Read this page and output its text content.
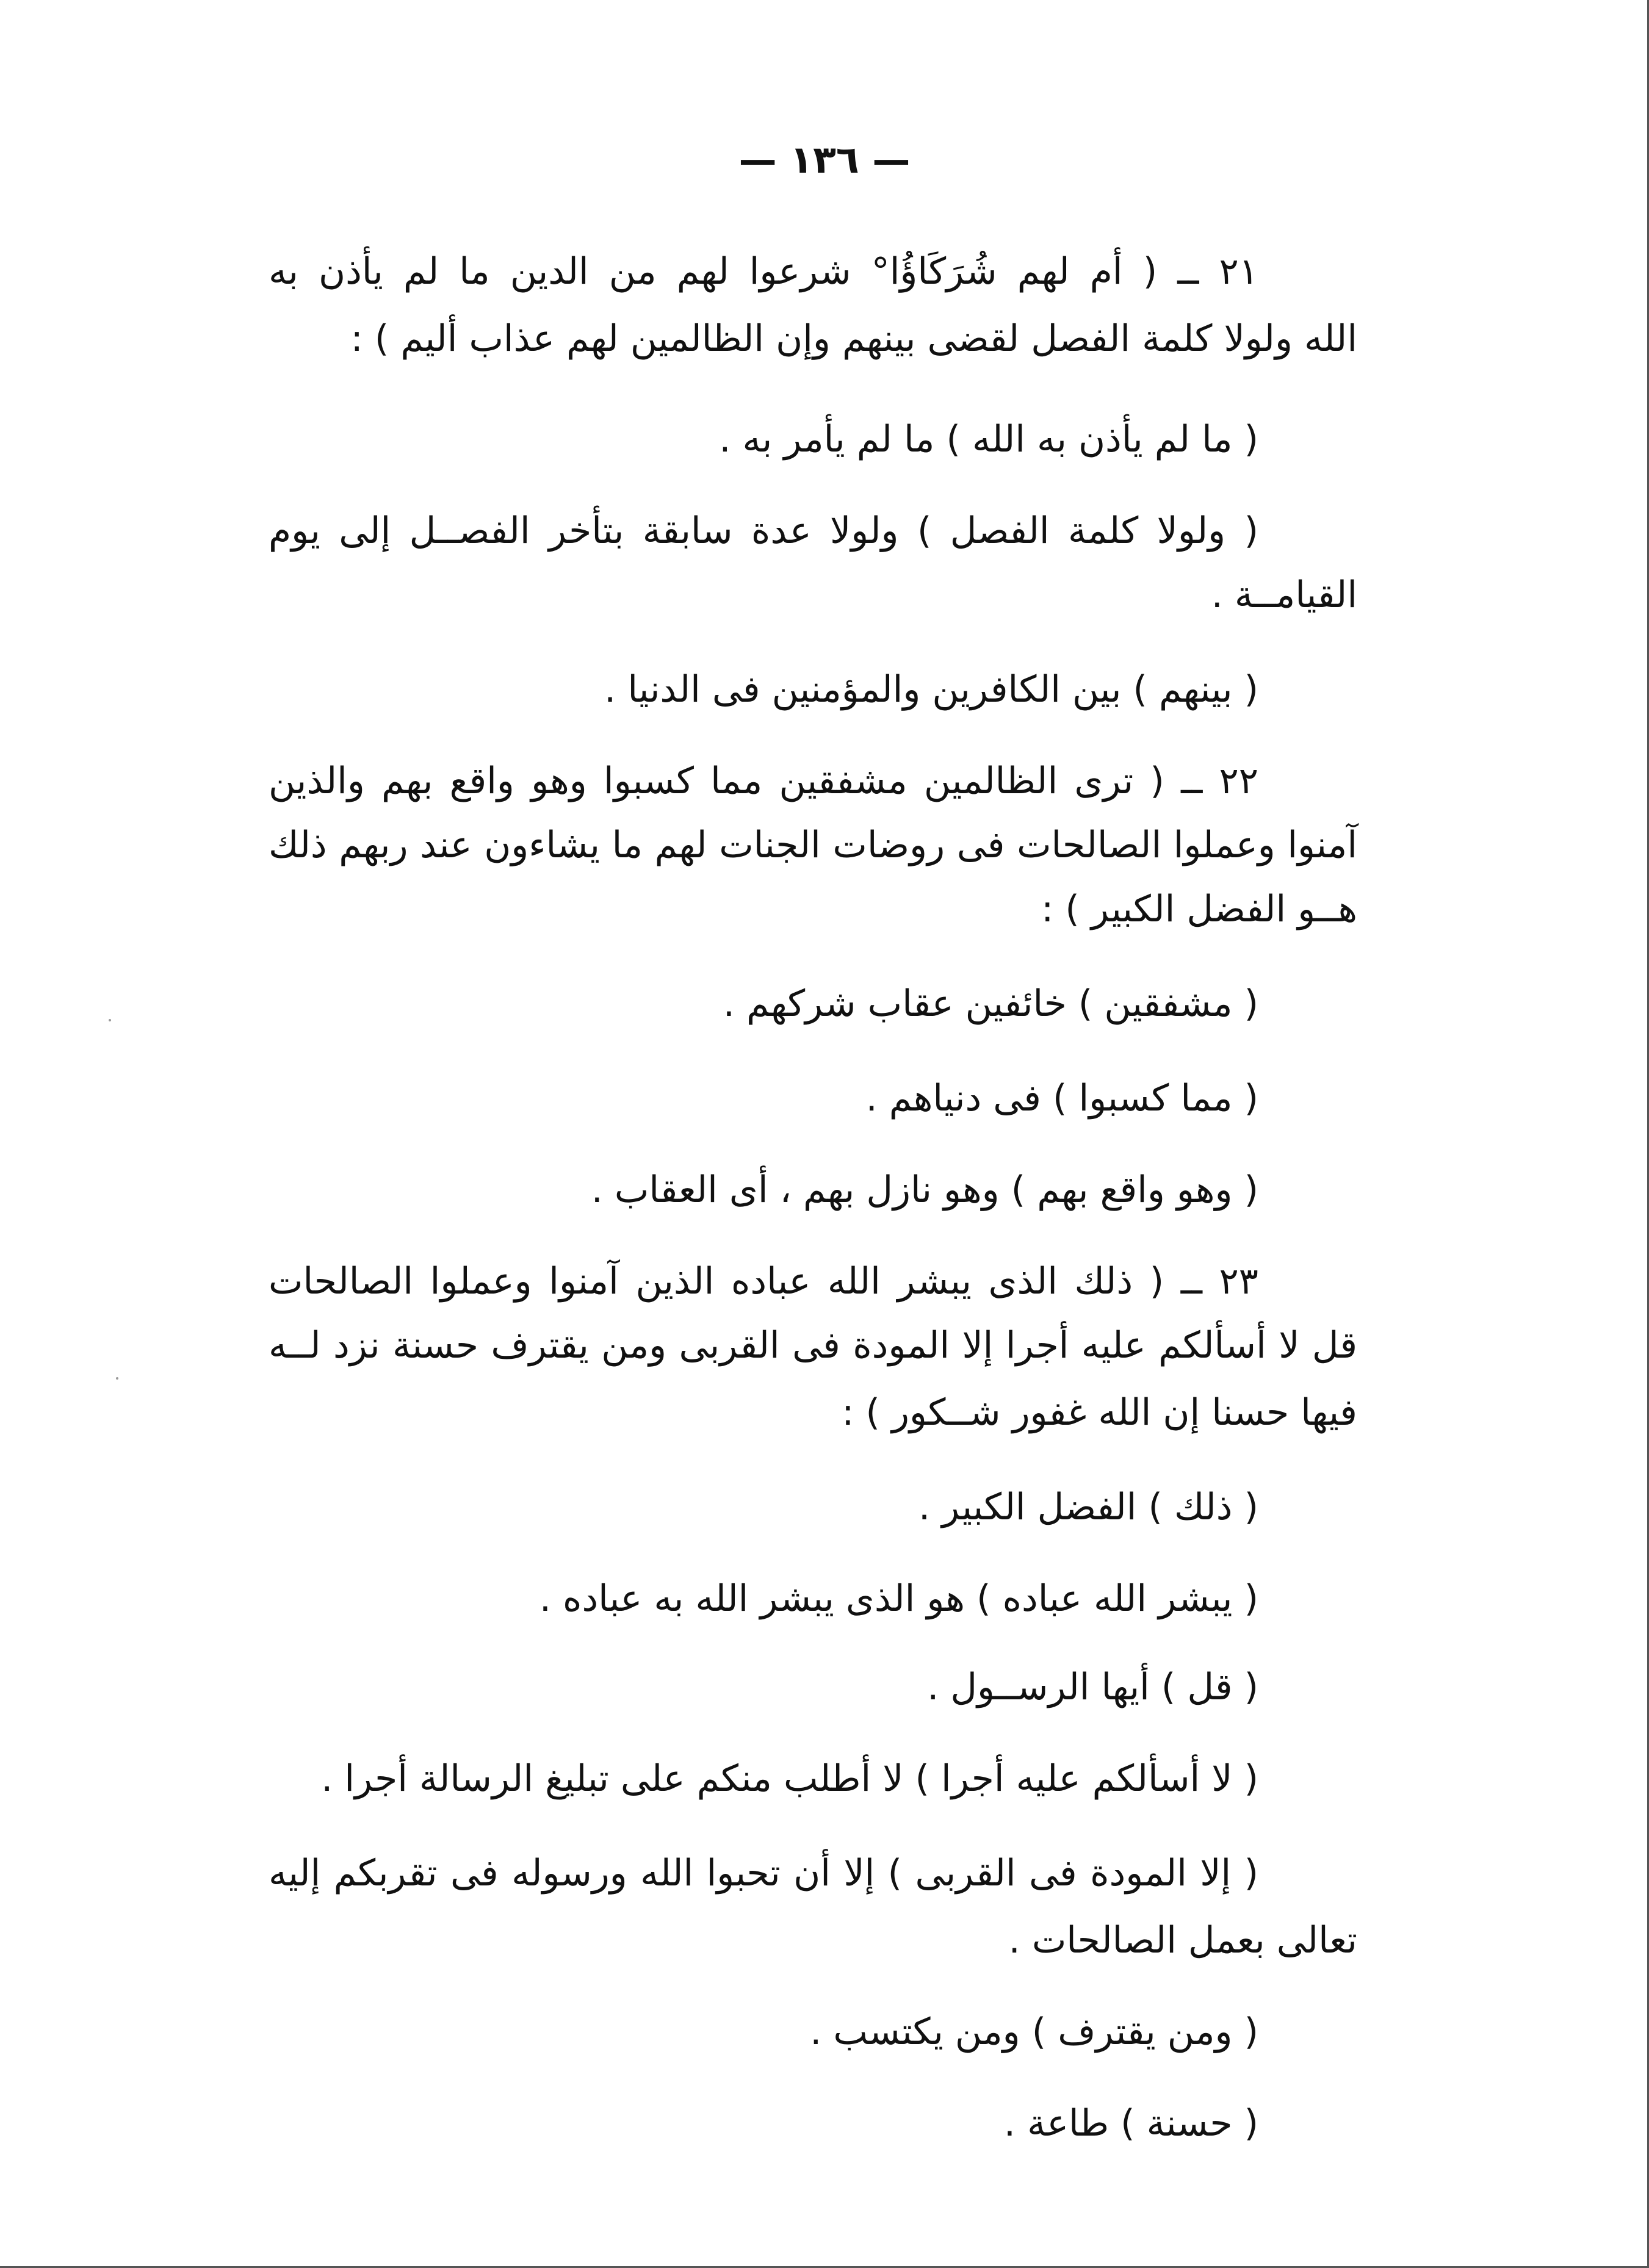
— ١٣٦ —
٢١ ــ ( أم لهم شُرَكَاؤُا° شرعوا لهم من الدين ما لم يأذن به
الله ولولا كلمة الفصل لقضى بينهم وإن الظالمين لهم عذاب أليم ) :
( ما لم يأذن به الله ) ما لم يأمر به .
( ولولا كلمة الفصل ) ولولا عدة سابقة بتأخر الفصــل إلى يوم
القيامــة .
( بينهم ) بين الكافرين والمؤمنين فى الدنيا .
٢٢ ــ ( ترى الظالمين مشفقين مما كسبوا وهو واقع بهم والذين
آمنوا وعملوا الصالحات فى روضات الجنات لهم ما يشاءون عند ربهم ذلك
هــو الفضل الكبير ) :
( مشفقين ) خائفين عقاب شركهم .
( مما كسبوا ) فى دنياهم .
( وهو واقع بهم ) وهو نازل بهم ، أى العقاب .
٢٣ ــ ( ذلك الذى يبشر الله عباده الذين آمنوا وعملوا الصالحات
قل لا أسألكم عليه أجرا إلا المودة فى القربى ومن يقترف حسنة نزد لــه
فيها حسنا إن الله غفور شــكور ) :
( ذلك ) الفضل الكبير .
( يبشر الله عباده ) هو الذى يبشر الله به عباده .
( قل ) أيها الرســول .
( لا أسألكم عليه أجرا ) لا أطلب منكم على تبليغ الرسالة أجرا .
( إلا المودة فى القربى ) إلا أن تحبوا الله ورسوله فى تقربكم إليه
تعالى بعمل الصالحات .
( ومن يقترف ) ومن يكتسب .
( حسنة ) طاعة .
